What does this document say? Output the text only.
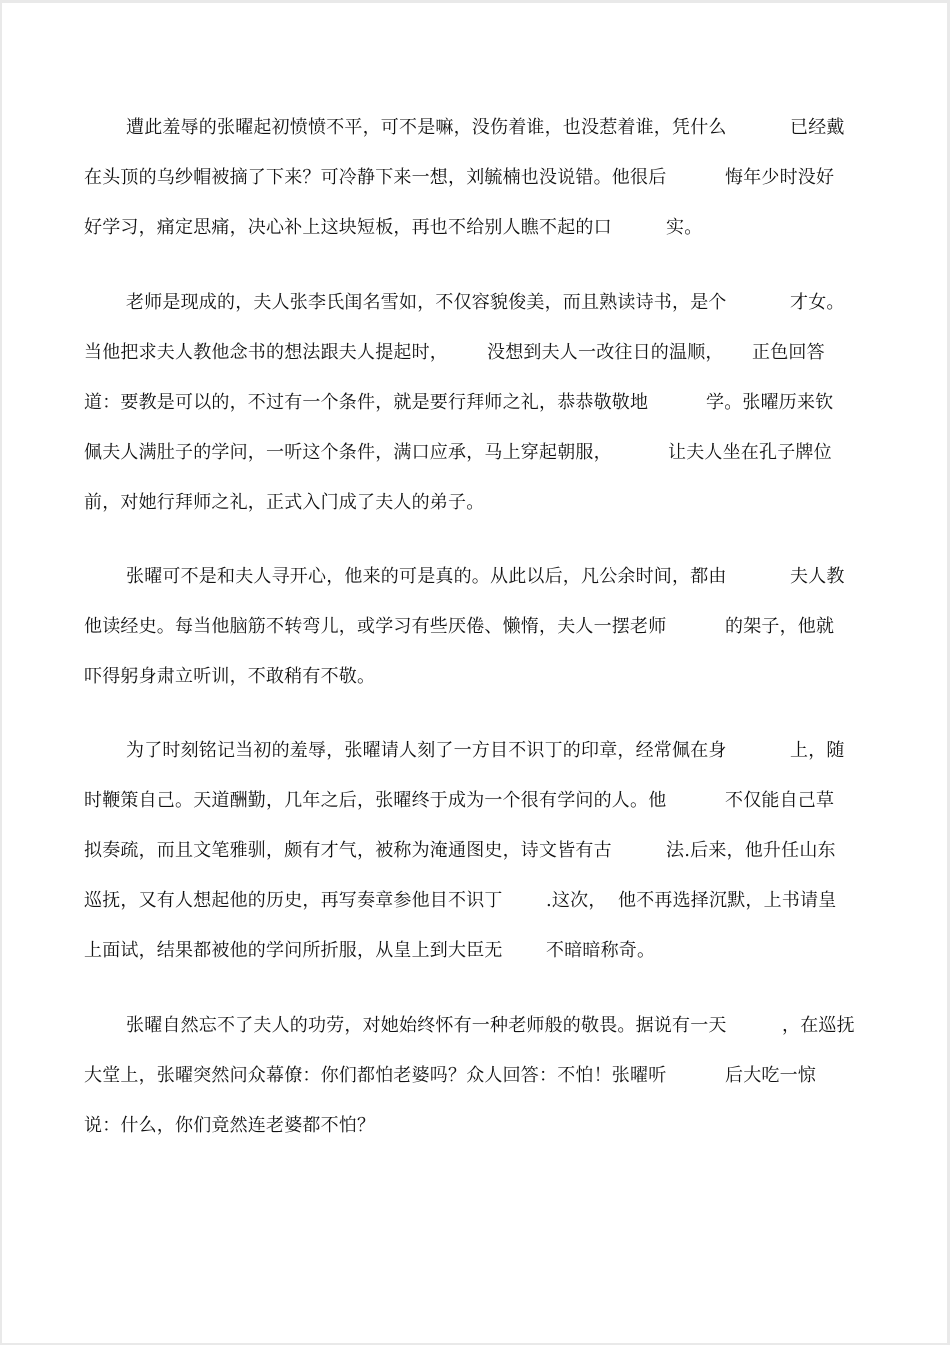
遭此羞辱的张曜起初愤愤不平，可不是嘛，没伤着谁，也没惹着谁，凭什么	已经戴
在头顶的乌纱帽被摘了下来？可冷静下来一想，刘毓楠也没说错。他很后	悔年少时没好
好学习，痛定思痛，决心补上这块短板，再也不给别人瞧不起的口	实。
老师是现成的，夫人张李氏闺名雪如，不仅容貌俊美，而且熟读诗书，是个	才女。
当他把求夫人教他念书的想法跟夫人提起时， 没想到夫人一改往日的温顺， 正色回答
道：要教是可以的，不过有一个条件，就是要行拜师之礼，恭恭敬敬地	学。张曜历来钦
佩夫人满肚子的学问，一听这个条件，满口应承，马上穿起朝服，	让夫人坐在孔子牌位
前，对她行拜师之礼，正式入门成了夫人的弟子。
张曜可不是和夫人寻开心，他来的可是真的。从此以后，凡公余时间，都由	夫人教
他读经史。每当他脑筋不转弯儿，或学习有些厌倦、懒惰，夫人一摆老师	的架子，他就
吓得躬身肃立听训，不敢稍有不敬。
为了时刻铭记当初的羞辱，张曜请人刻了一方目不识丁的印章，经常佩在身	上，随
时鞭策自己。天道酬勤，几年之后，张曜终于成为一个很有学问的人。他	不仅能自己草
拟奏疏，而且文笔雅驯，颇有才气，被称为淹通图史，诗文皆有古	法.后来，他升任山东
巡抚，又有人想起他的历史，再写奏章参他目不识丁 .这次， 他不再选择沉默，上书请皇
上面试，结果都被他的学问所折服，从皇上到大臣无 不暗暗称奇。
张曜自然忘不了夫人的功劳，对她始终怀有一种老师般的敬畏。据说有一天	，在巡抚
大堂上，张曜突然问众幕僚：你们都怕老婆吗？众人回答：不怕！张曜听	后大吃一惊
说：什么，你们竟然连老婆都不怕？
